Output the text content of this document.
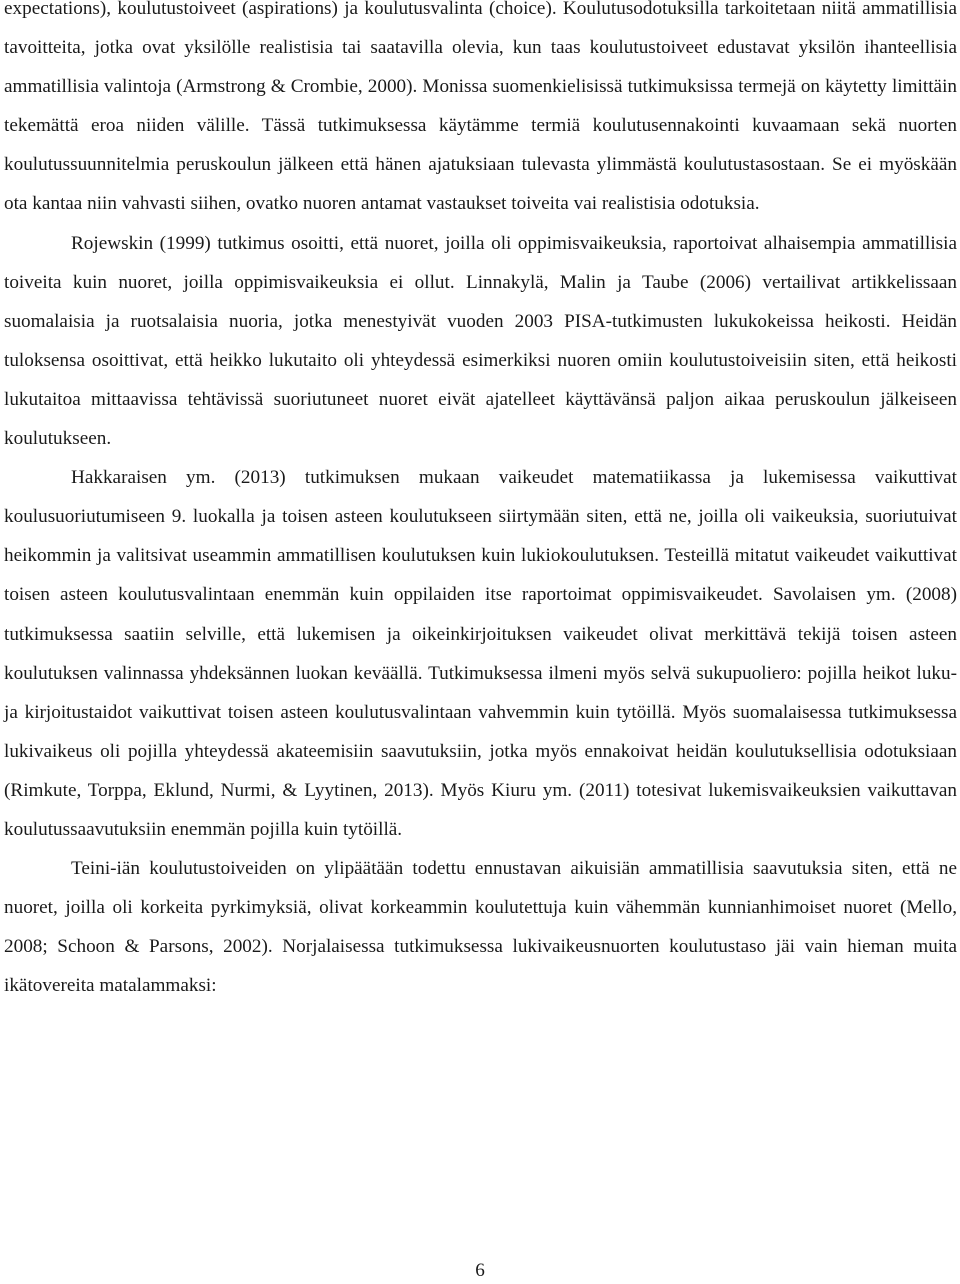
expectations), koulutustoiveet (aspirations) ja koulutusvalinta (choice). Koulutusodotuksilla tarkoitetaan niitä ammatillisia tavoitteita, jotka ovat yksilölle realistisia tai saatavilla olevia, kun taas koulutustoiveet edustavat yksilön ihanteellisia ammatillisia valintoja (Armstrong & Crombie, 2000). Monissa suomenkielisissä tutkimuksissa termejä on käytetty limittäin tekemättä eroa niiden välille. Tässä tutkimuksessa käytämme termiä koulutusennakointi kuvaamaan sekä nuorten koulutussuunnitelmia peruskoulun jälkeen että hänen ajatuksiaan tulevasta ylimmästä koulutustasostaan. Se ei myöskään ota kantaa niin vahvasti siihen, ovatko nuoren antamat vastaukset toiveita vai realistisia odotuksia.

Rojewskin (1999) tutkimus osoitti, että nuoret, joilla oli oppimisvaikeuksia, raportoivat alhaisempia ammatillisia toiveita kuin nuoret, joilla oppimisvaikeuksia ei ollut. Linnakylä, Malin ja Taube (2006) vertailivat artikkelissaan suomalaisia ja ruotsalaisia nuoria, jotka menestyivät vuoden 2003 PISA-tutkimusten lukukokeissa heikosti. Heidän tuloksensa osoittivat, että heikko lukutaito oli yhteydessä esimerkiksi nuoren omiin koulutustoiveisiin siten, että heikosti lukutaitoa mittaavissa tehtävissä suoriutuneet nuoret eivät ajatelleet käyttävänsä paljon aikaa peruskoulun jälkeiseen koulutukseen.

Hakkaraisen ym. (2013) tutkimuksen mukaan vaikeudet matematiikassa ja lukemisessa vaikuttivat koulusuoriutumiseen 9. luokalla ja toisen asteen koulutukseen siirtymään siten, että ne, joilla oli vaikeuksia, suoriutuivat heikommin ja valitsivat useammin ammatillisen koulutuksen kuin lukiokoulutuksen. Testeillä mitatut vaikeudet vaikuttivat toisen asteen koulutusvalintaan enemmän kuin oppilaiden itse raportoimat oppimisvaikeudet. Savolaisen ym. (2008) tutkimuksessa saatiin selville, että lukemisen ja oikeinkirjoituksen vaikeudet olivat merkittävä tekijä toisen asteen koulutuksen valinnassa yhdeksännen luokan keväällä. Tutkimuksessa ilmeni myös selvä sukupuoliero: pojilla heikot luku- ja kirjoitustaidot vaikuttivat toisen asteen koulutusvalintaan vahvemmin kuin tytöillä. Myös suomalaisessa tutkimuksessa lukivaikeus oli pojilla yhteydessä akateemisiin saavutuksiin, jotka myös ennakoivat heidän koulutuksellisia odotuksiaan (Rimkute, Torppa, Eklund, Nurmi, & Lyytinen, 2013). Myös Kiuru ym. (2011) totesivat lukemisvaikeuksien vaikuttavan koulutussaavutuksiin enemmän pojilla kuin tytöillä.

Teini-iän koulutustoiveiden on ylipäätään todettu ennustavan aikuisiän ammatillisia saavutuksia siten, että ne nuoret, joilla oli korkeita pyrkimyksiä, olivat korkeammin koulutettuja kuin vähemmän kunnianhimoiset nuoret (Mello, 2008; Schoon & Parsons, 2002). Norjalaisessa tutkimuksessa lukivaikeusnuorten koulutustaso jäi vain hieman muita ikätovereita matalammaksi:

6
